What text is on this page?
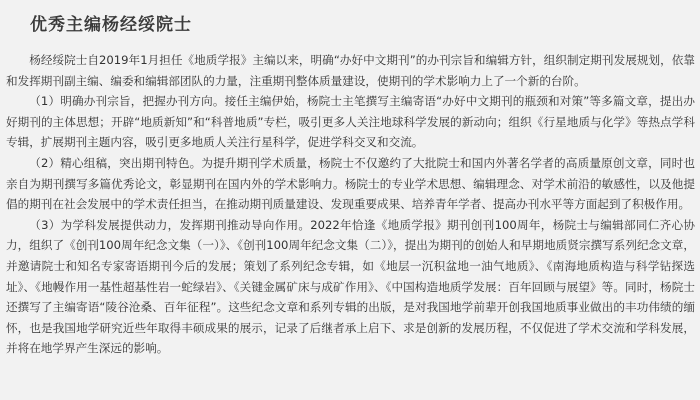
优秀主编杨经绥院士

杨经绥院士自2019年1月担任《地质学报》主编以来，明确“办好中文期刊”的办刊宗旨和编辑方针，组织制定期刊发展规划，依靠和发挥期刊副主编、编委和编辑部团队的力量，注重期刊整体质量建设，使期刊的学术影响力上了一个新的台阶。

（1）明确办刊宗旨，把握办刊方向。接任主编伊始，杨院士主笔撰写主编寄语“办好中文期刊的瓶颈和对策”等多篇文章，提出办好期刊的主体思想；开辟“地质新知”和“科普地质”专栏，吸引更多人关注地球科学发展的新动向；组织《行星地质与化学》等热点学科专辑，扩展期刊主题内容，吸引更多地质人关注行星科学，促进学科交叉和交流。

（2）精心组稿，突出期刊特色。为提升期刊学术质量，杨院士不仅邀约了大批院士和国内外著名学者的高质量原创文章，同时也亲自为期刊撰写多篇优秀论文，彰显期刊在国内外的学术影响力。杨院士的专业学术思想、编辑理念、对学术前沿的敏感性，以及他提倡的期刊在社会发展中的学术责任担当，在推动期刊质量建设、发现重要成果、培养青年学者、提高办刊水平等方面起到了积极作用。

（3）为学科发展提供动力，发挥期刊推动导向作用。2022年恰逢《地质学报》期刊创刊100周年，杨院士与编辑部同仁齐心协力，组织了《创刊100周年纪念文集（一）》、《创刊100周年纪念文集（二）》，提出为期刊的创始人和早期地质贤宗撰写系列纪念文章，并邀请院士和知名专家寄语期刊今后的发展；策划了系列纪念专辑，如《地层一沉积盆地一油气地质》、《南海地质构造与科学钻探选址》、《地幔作用一基性超基性岩一蛇绿岩》、《关键金属矿床与成矿作用》、《中国构造地质学发展：百年回顾与展望》等。同时，杨院士还撰写了主编寄语“陵谷沧桑、百年征程”。这些纪念文章和系列专辑的出版，是对我国地学前辈开创我国地质事业做出的丰功伟绩的缅怀，也是我国地学研究近些年取得丰硕成果的展示，记录了后继者承上启下、求是创新的发展历程，不仅促进了学术交流和学科发展，并将在地学界产生深远的影响。
